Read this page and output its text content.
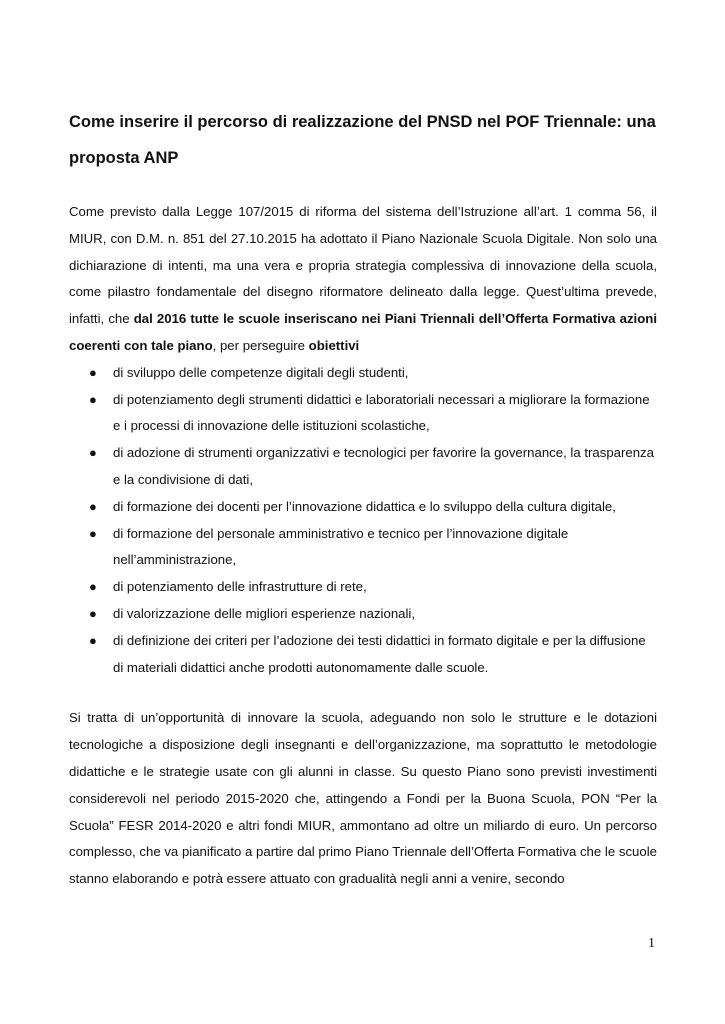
Come inserire il percorso di realizzazione del PNSD nel POF Triennale: una proposta ANP

Come previsto dalla Legge 107/2015 di riforma del sistema dell’Istruzione all’art. 1 comma 56, il MIUR, con D.M. n. 851 del 27.10.2015 ha adottato il Piano Nazionale Scuola Digitale. Non solo una dichiarazione di intenti, ma una vera e propria strategia complessiva di innovazione della scuola, come pilastro fondamentale del disegno riformatore delineato dalla legge. Quest’ultima prevede, infatti, che dal 2016 tutte le scuole inseriscano nei Piani Triennali dell’Offerta Formativa azioni coerenti con tale piano, per perseguire obiettivi

● di sviluppo delle competenze digitali degli studenti,
● di potenziamento degli strumenti didattici e laboratoriali necessari a migliorare la formazione e i processi di innovazione delle istituzioni scolastiche,
● di adozione di strumenti organizzativi e tecnologici per favorire la governance, la trasparenza e la condivisione di dati,
● di formazione dei docenti per l’innovazione didattica e lo sviluppo della cultura digitale,
● di formazione del personale amministrativo e tecnico per l’innovazione digitale nell’amministrazione,
● di potenziamento delle infrastrutture di rete,
● di valorizzazione delle migliori esperienze nazionali,
● di definizione dei criteri per l’adozione dei testi didattici in formato digitale e per la diffusione di materiali didattici anche prodotti autonomamente dalle scuole.

Si tratta di un’opportunità di innovare la scuola, adeguando non solo le strutture e le dotazioni tecnologiche a disposizione degli insegnanti e dell’organizzazione, ma soprattutto le metodologie didattiche e le strategie usate con gli alunni in classe. Su questo Piano sono previsti investimenti considerevoli nel periodo 2015-2020 che, attingendo a Fondi per la Buona Scuola, PON “Per la Scuola” FESR 2014-2020 e altri fondi MIUR, ammontano ad oltre un miliardo di euro. Un percorso complesso, che va pianificato a partire dal primo Piano Triennale dell’Offerta Formativa che le scuole stanno elaborando e potrà essere attuato con gradualità negli anni a venire, secondo

1
